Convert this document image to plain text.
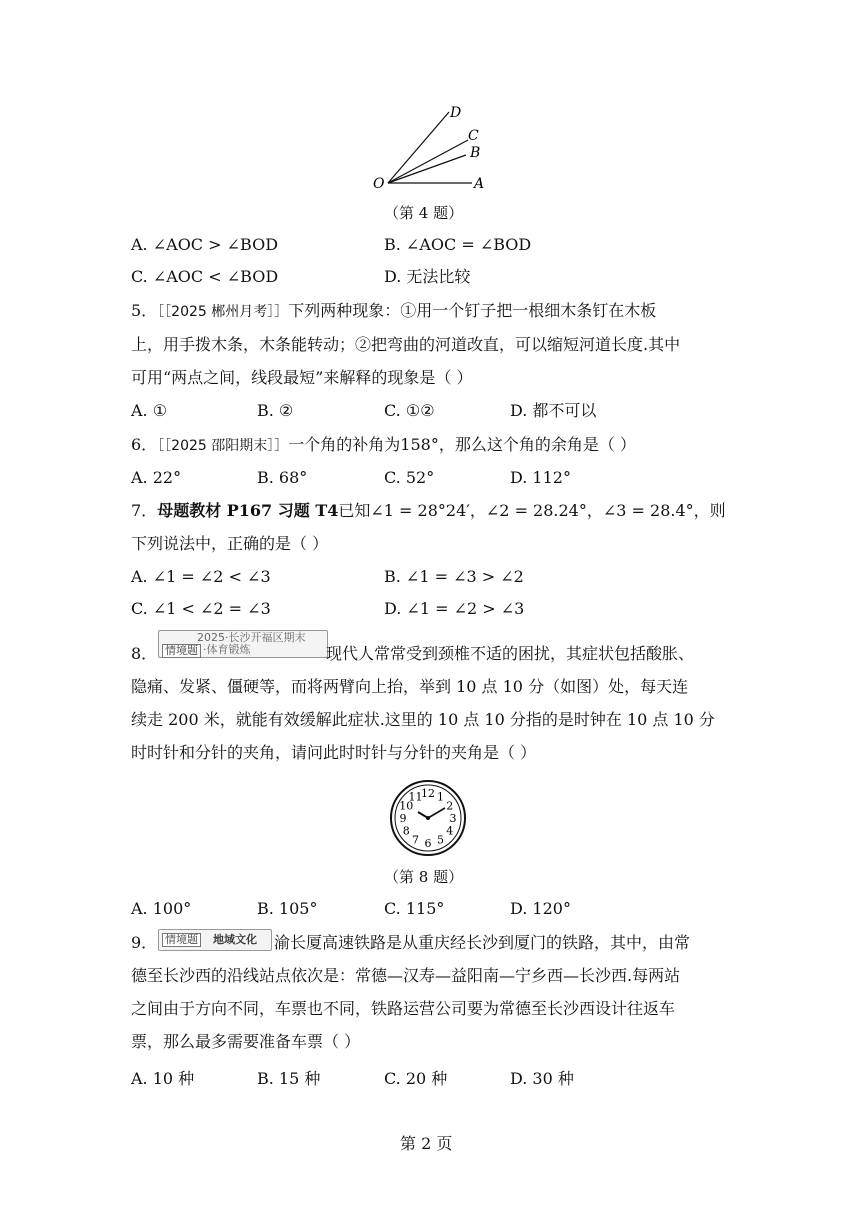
D
C
B
O	A
（第 4 题）
A. ∠AOC > ∠BOD	B. ∠AOC = ∠BOD
C. ∠AOC < ∠BOD	D. 无法比较
5．［［2025 郴州月考］］下列两种现象：①用一个钉子把一根细木条钉在木板
上，用手拨木条，木条能转动；②把弯曲的河道改直，可以缩短河道长度.其中
可用“两点之间，线段最短”来解释的现象是（ ）
A. ①	B. ②	C. ①②	D. 都不可以
6．［［2025 邵阳期末］］一个角的补角为158°，那么这个角的余角是（ ）
A. 22°	B. 68°	C. 52°	D. 112°
7．母题教材 P167 习题 T4已知∠1 = 28°24′，∠2 = 28.24°，∠3 = 28.4°，则
下列说法中，正确的是（ ）
A. ∠1 = ∠2 < ∠3	B. ∠1 = ∠3 > ∠2
C. ∠1 < ∠2 = ∠3	D. ∠1 = ∠2 > ∠3
8．
2025·长沙开福区期末
情境题 ·体育锻炼	现代人常常受到颈椎不适的困扰，其症状包括酸胀、
隐痛、发紧、僵硬等，而将两臂向上抬，举到 10 点 10 分（如图）处，每天连
续走 200 米，就能有效缓解此症状.这里的 10 点 10 分指的是时钟在 10 点 10 分
时时针和分针的夹角，请问此时时针与分针的夹角是（ ）
12 1
2
3
4
5
6
7
8
9
10
11
（第 8 题）
A. 100°	B. 105°	C. 115°	D. 120°
9． 情境题 地域文化 渝长厦高速铁路是从重庆经长沙到厦门的铁路，其中，由常
德至长沙西的沿线站点依次是：常德—汉寿—益阳南—宁乡西—长沙西.每两站
之间由于方向不同，车票也不同，铁路运营公司要为常德至长沙西设计往返车
票，那么最多需要准备车票（ ）
A. 10 种	B. 15 种	C. 20 种	D. 30 种
第 2 页
